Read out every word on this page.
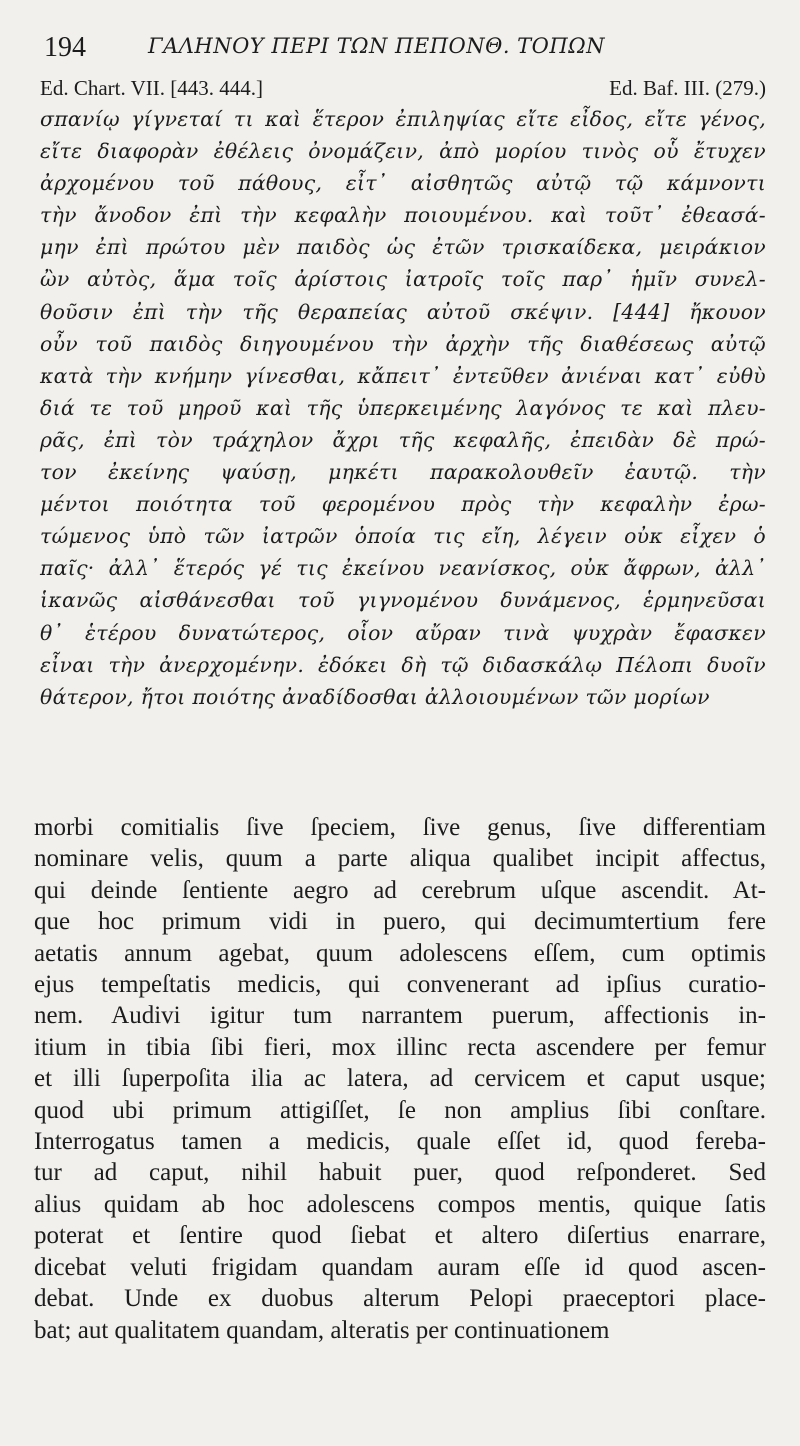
194	ΓΑΛΗΝΟΥ ΠΕΡΙ ΤΩΝ ΠΕΠΟΝΘ. ΤΟΠΩΝ
Ed. Chart. VII. [443. 444.]	Ed. Baf. III. (279.)
σπανίῳ γίγνεταί τι καὶ ἕτερον ἐπιληψίας εἴτε εἶδος, εἴτε γένος,
εἴτε διαφορὰν ἐθέλεις ὀνομάζειν, ἀπὸ μορίου τινὸς οὗ ἔτυχεν
ἀρχομένου τοῦ πάθους, εἶτ᾽ αἰσθητῶς αὐτῷ τῷ κάμνοντι
τὴν ἄνοδον ἐπὶ τὴν κεφαλὴν ποιουμένου. καὶ τοῦτ᾽ ἐθεασά-
μην ἐπὶ πρώτου μὲν παιδὸς ὡς ἐτῶν τρισκαίδεκα, μειράκιον
ὢν αὐτὸς, ἅμα τοῖς ἀρίστοις ἰατροῖς τοῖς παρ᾽ ἡμῖν συνελ-
θοῦσιν ἐπὶ τὴν τῆς θεραπείας αὐτοῦ σκέψιν. [444] ἤκουον
οὖν τοῦ παιδὸς διηγουμένου τὴν ἀρχὴν τῆς διαθέσεως αὐτῷ
κατὰ τὴν κνήμην γίνεσθαι, κἄπειτ᾽ ἐντεῦθεν ἀνιέναι κατ᾽ εὐθὺ
διά τε τοῦ μηροῦ καὶ τῆς ὑπερκειμένης λαγόνος τε καὶ πλευ-
ρᾶς, ἐπὶ τὸν τράχηλον ἄχρι τῆς κεφαλῆς, ἐπειδὰν δὲ πρώ-
τον ἐκείνης ψαύσῃ, μηκέτι παρακολουθεῖν ἑαυτῷ. τὴν
μέντοι ποιότητα τοῦ φερομένου πρὸς τὴν κεφαλὴν ἐρω-
τώμενος ὑπὸ τῶν ἰατρῶν ὁποία τις εἴη, λέγειν οὐκ εἶχεν ὁ
παῖς· ἀλλ᾽ ἕτερός γέ τις ἐκείνου νεανίσκος, οὐκ ἄφρων, ἀλλ᾽
ἱκανῶς αἰσθάνεσθαι τοῦ γιγνομένου δυνάμενος, ἑρμηνεῦσαι
θ᾽ ἑτέρου δυνατώτερος, οἷον αὔραν τινὰ ψυχρὰν ἔφασκεν
εἶναι τὴν ἀνερχομένην. ἐδόκει δὴ τῷ διδασκάλῳ Πέλοπι δυοῖν
θάτερον, ἤτοι ποιότης ἀναδίδοσθαι ἀλλοιουμένων τῶν μορίων
morbi comitialis ſive ſpeciem, ſive genus, ſive differentiam
nominare velis, quum a parte aliqua qualibet incipit affectus,
qui deinde ſentiente aegro ad cerebrum uſque ascendit. At-
que hoc primum vidi in puero, qui decimumtertium fere
aetatis annum agebat, quum adolescens eſſem, cum optimis
ejus tempeſtatis medicis, qui convenerant ad ipſius curatio-
nem. Audivi igitur tum narrantem puerum, affectionis in-
itium in tibia ſibi fieri, mox illinc recta ascendere per femur
et illi ſuperpoſita ilia ac latera, ad cervicem et caput usque;
quod ubi primum attigiſſet, ſe non amplius ſibi conſtare.
Interrogatus tamen a medicis, quale eſſet id, quod fereba-
tur ad caput, nihil habuit puer, quod reſponderet. Sed
alius quidam ab hoc adolescens compos mentis, quique ſatis
poterat et ſentire quod ſiebat et altero diſertius enarrare,
dicebat veluti frigidam quandam auram eſſe id quod ascen-
debat. Unde ex duobus alterum Pelopi praeceptori place-
bat; aut qualitatem quandam, alteratis per continuationem
